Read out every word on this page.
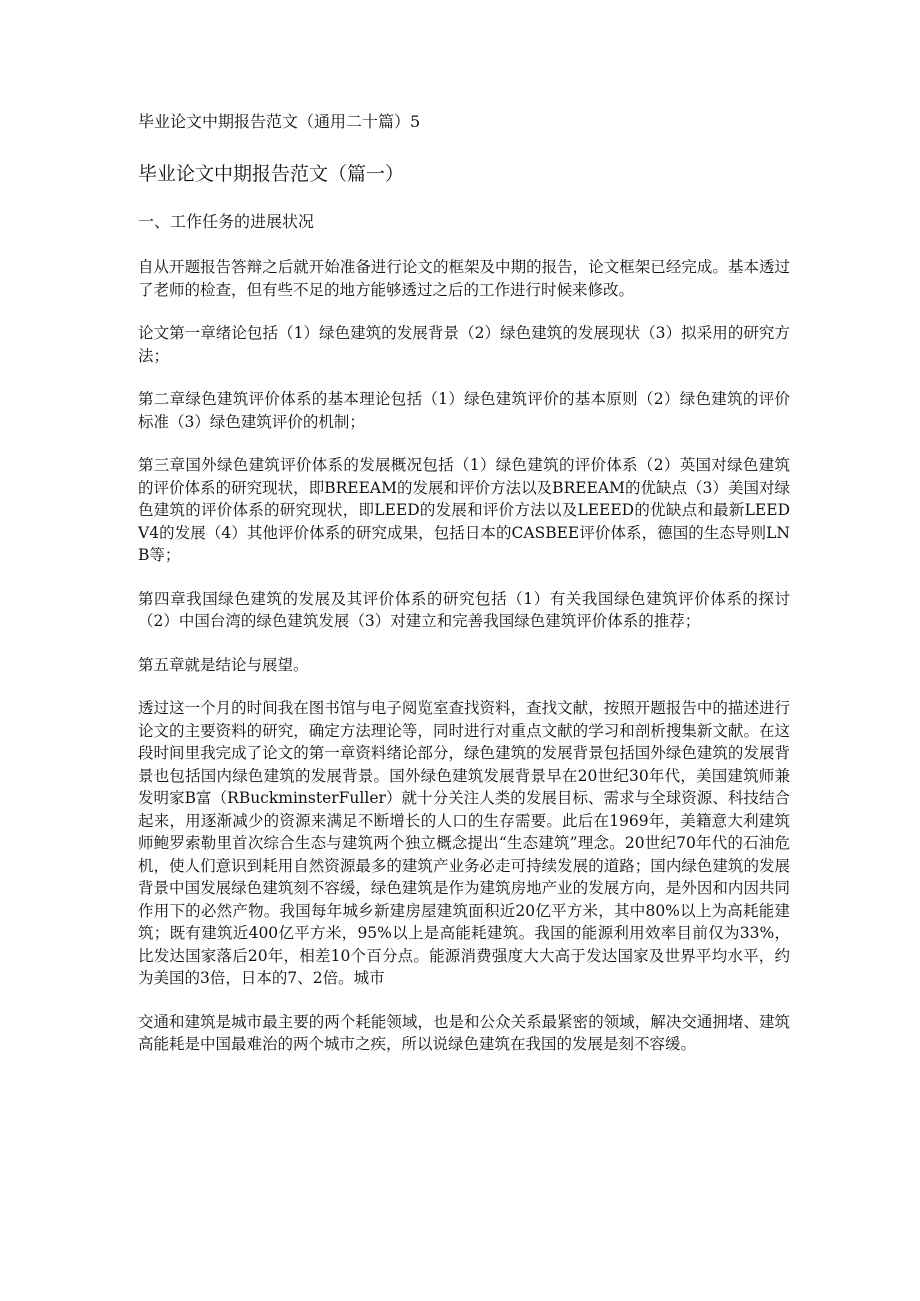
毕业论文中期报告范文（通用二十篇）5
毕业论文中期报告范文（篇一）
一、工作任务的进展状况

自从开题报告答辩之后就开始准备进行论文的框架及中期的报告，论文框架已经完成。基本透过了老师的检查，但有些不足的地方能够透过之后的工作进行时候来修改。

论文第一章绪论包括（1）绿色建筑的发展背景（2）绿色建筑的发展现状（3）拟采用的研究方法；

第二章绿色建筑评价体系的基本理论包括（1）绿色建筑评价的基本原则（2）绿色建筑的评价标准（3）绿色建筑评价的机制；

第三章国外绿色建筑评价体系的发展概况包括（1）绿色建筑的评价体系（2）英国对绿色建筑的评价体系的研究现状，即BREEAM的发展和评价方法以及BREEAM的优缺点（3）美国对绿色建筑的评价体系的研究现状，即LEED的发展和评价方法以及LEEED的优缺点和最新LEEDV4的发展（4）其他评价体系的研究成果，包括日本的CASBEE评价体系，德国的生态导则LNB等；

第四章我国绿色建筑的发展及其评价体系的研究包括（1）有关我国绿色建筑评价体系的探讨（2）中国台湾的绿色建筑发展（3）对建立和完善我国绿色建筑评价体系的推荐；

第五章就是结论与展望。

透过这一个月的时间我在图书馆与电子阅览室查找资料，查找文献，按照开题报告中的描述进行论文的主要资料的研究，确定方法理论等，同时进行对重点文献的学习和剖析搜集新文献。在这段时间里我完成了论文的第一章资料绪论部分，绿色建筑的发展背景包括国外绿色建筑的发展背景也包括国内绿色建筑的发展背景。国外绿色建筑发展背景早在20世纪30年代，美国建筑师兼发明家B富（RBuckminsterFuller）就十分关注人类的发展目标、需求与全球资源、科技结合起来，用逐渐减少的资源来满足不断增长的人口的生存需要。此后在1969年，美籍意大利建筑师鲍罗索勒里首次综合生态与建筑两个独立概念提出“生态建筑”理念。20世纪70年代的石油危机，使人们意识到耗用自然资源最多的建筑产业务必走可持续发展的道路；国内绿色建筑的发展背景中国发展绿色建筑刻不容缓，绿色建筑是作为建筑房地产业的发展方向，是外因和内因共同作用下的必然产物。我国每年城乡新建房屋建筑面积近20亿平方米，其中80%以上为高耗能建筑；既有建筑近400亿平方米，95%以上是高能耗建筑。我国的能源利用效率目前仅为33%，比发达国家落后20年，相差10个百分点。能源消费强度大大高于发达国家及世界平均水平，约为美国的3倍，日本的7、2倍。城市

交通和建筑是城市最主要的两个耗能领域，也是和公众关系最紧密的领域，解决交通拥堵、建筑高能耗是中国最难治的两个城市之疾，所以说绿色建筑在我国的发展是刻不容缓。
